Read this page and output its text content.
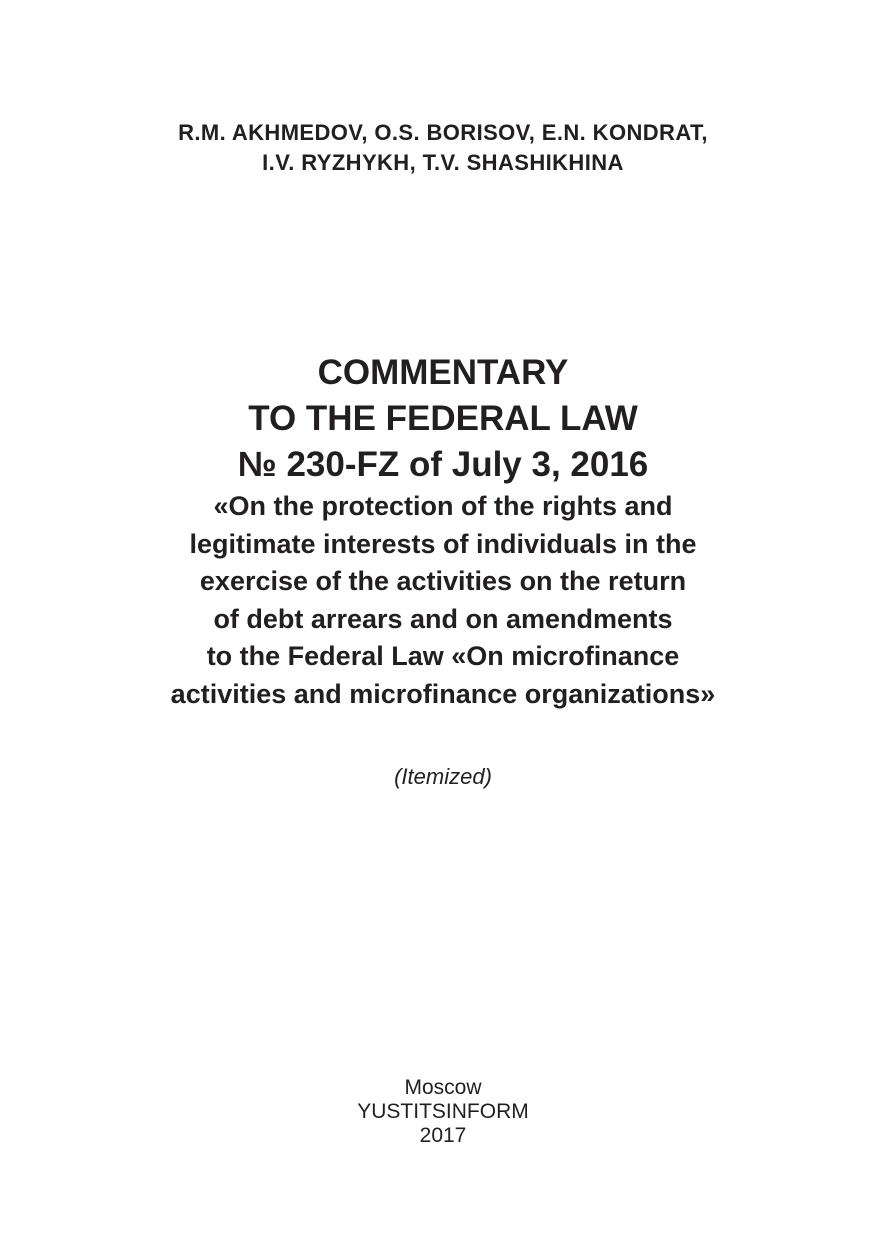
R.M. AKHMEDOV, O.S. BORISOV, E.N. KONDRAT,
I.V. RYZHYKH, T.V. SHASHIKHINA
COMMENTARY
TO THE FEDERAL LAW
№ 230-FZ of July 3, 2016
«On the protection of the rights and
legitimate interests of individuals in the
exercise of the activities on the return
of debt arrears and on amendments
to the Federal Law «On microfinance
activities and microfinance organizations»
(Itemized)
Moscow
YUSTITSINFORM
2017
